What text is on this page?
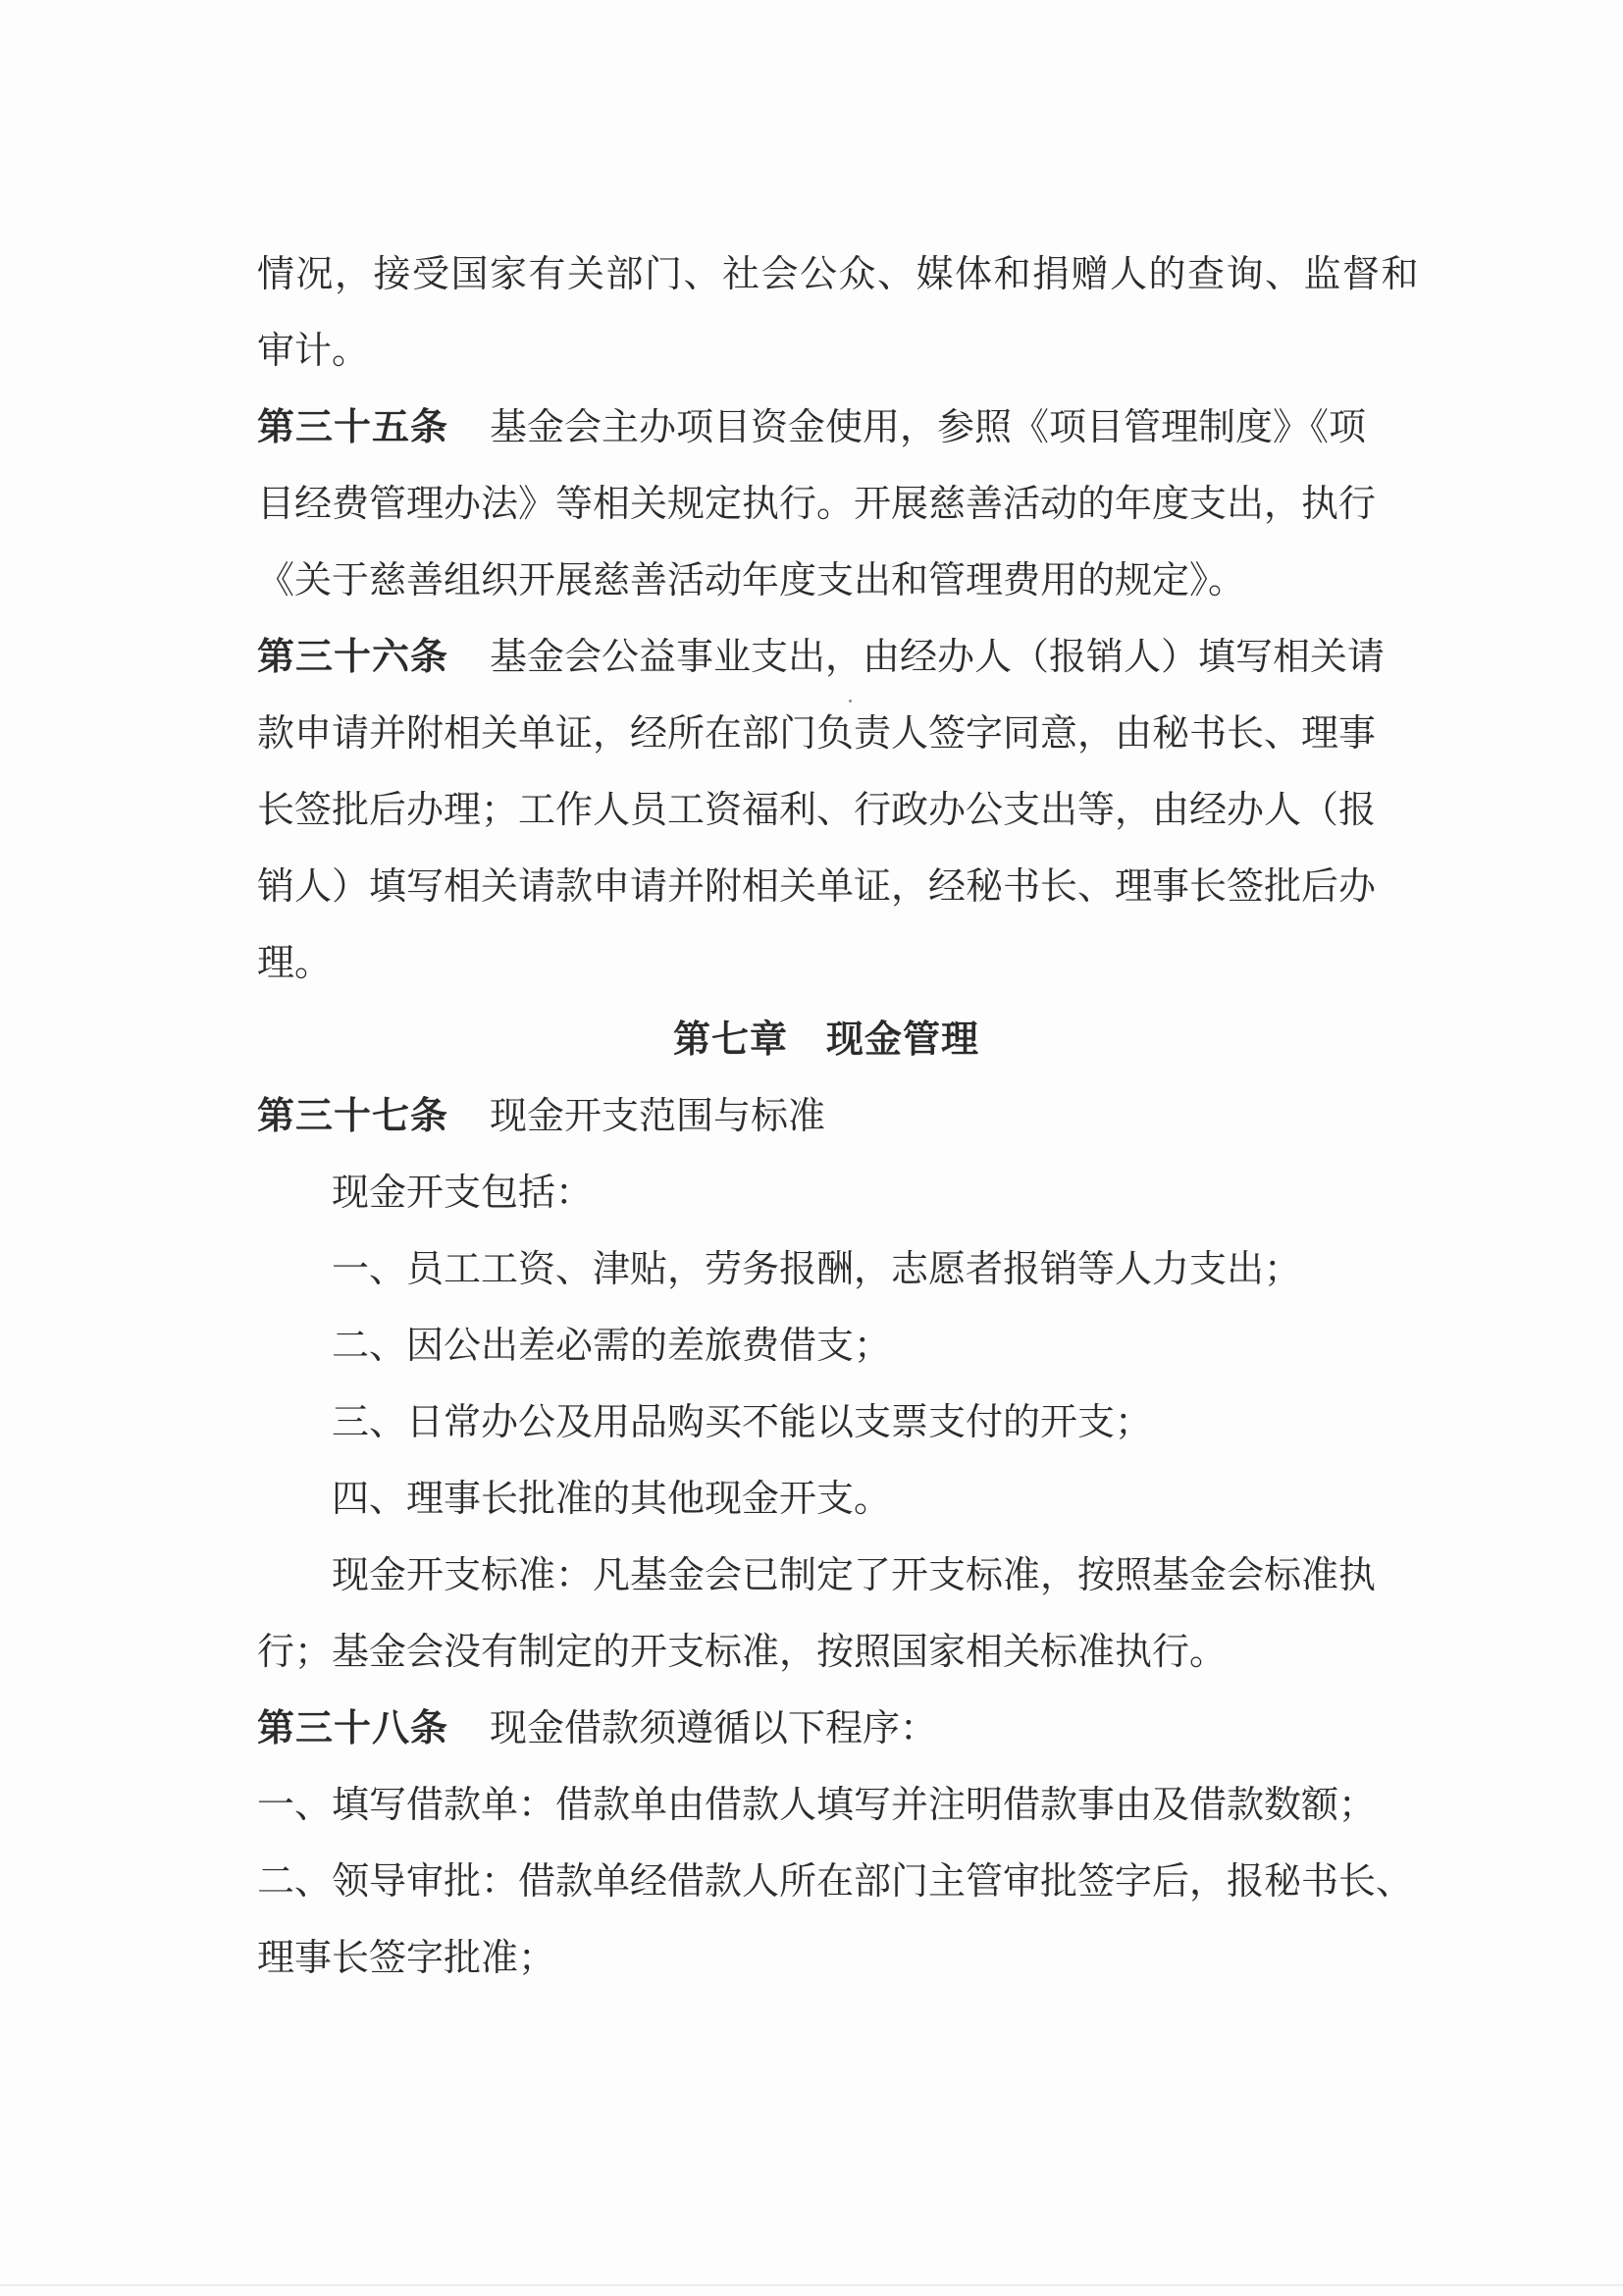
情况，接受国家有关部门、社会公众、媒体和捐赠人的查询、监督和
审计。
第三十五条 基金会主办项目资金使用，参照《项目管理制度》《项
目经费管理办法》等相关规定执行。开展慈善活动的年度支出，执行
《关于慈善组织开展慈善活动年度支出和管理费用的规定》。
第三十六条 基金会公益事业支出，由经办人（报销人）填写相关请
款申请并附相关单证，经所在部门负责人签字同意，由秘书长、理事
长签批后办理；工作人员工资福利、行政办公支出等，由经办人（报
销人）填写相关请款申请并附相关单证，经秘书长、理事长签批后办
理。
第七章　现金管理
第三十七条 现金开支范围与标准
现金开支包括：
一、员工工资、津贴，劳务报酬，志愿者报销等人力支出；
二、因公出差必需的差旅费借支；
三、日常办公及用品购买不能以支票支付的开支；
四、理事长批准的其他现金开支。
现金开支标准：凡基金会已制定了开支标准，按照基金会标准执
行；基金会没有制定的开支标准，按照国家相关标准执行。
第三十八条 现金借款须遵循以下程序：
一、填写借款单：借款单由借款人填写并注明借款事由及借款数额；
二、领导审批：借款单经借款人所在部门主管审批签字后，报秘书长、
理事长签字批准；
